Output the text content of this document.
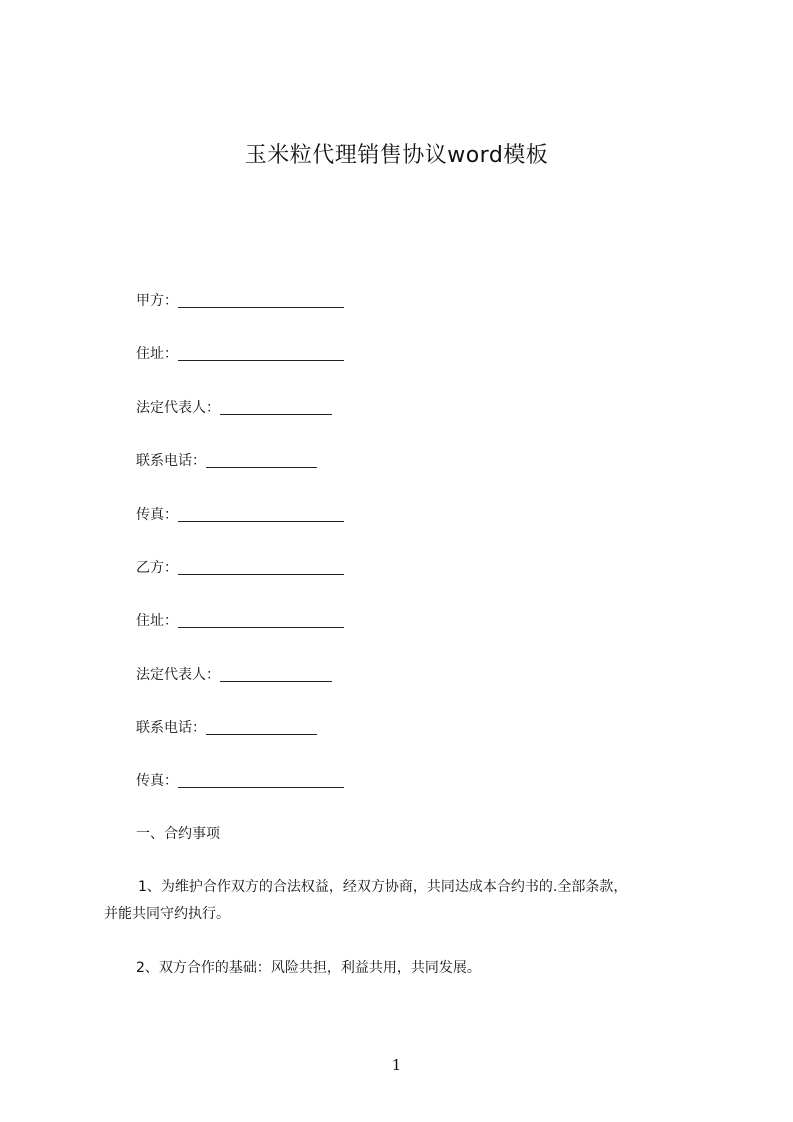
玉米粒代理销售协议word模板
甲方：
住址：
法定代表人：
联系电话：
传真：
乙方：
住址：
法定代表人：
联系电话：
传真：
一、合约事项
1、为维护合作双方的合法权益，经双方协商，共同达成本合约书的.全部条款，
并能共同守约执行。
2、双方合作的基础：风险共担，利益共用，共同发展。
1
